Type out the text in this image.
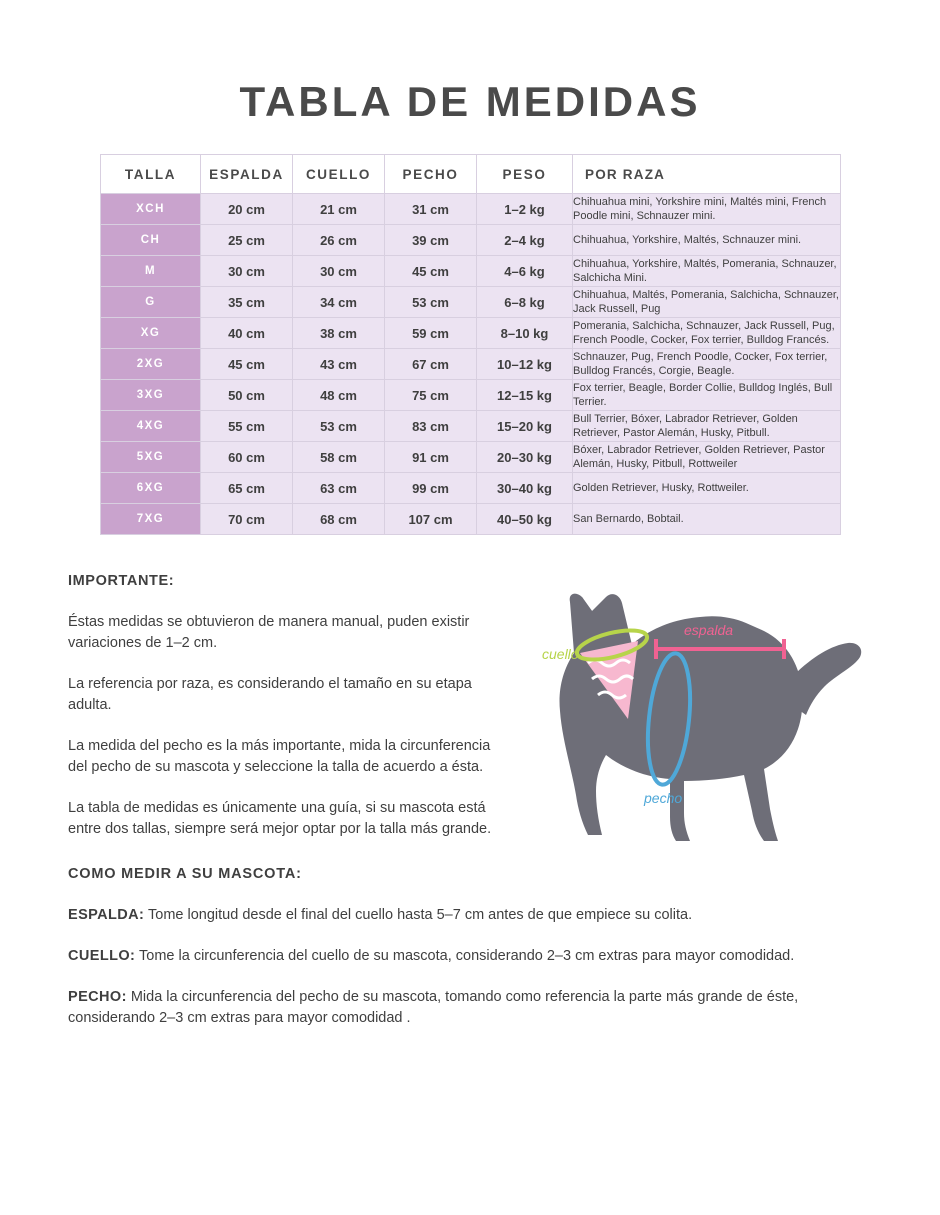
TABLA DE MEDIDAS
TALLA	ESPALDA	CUELLO	PECHO	PESO	POR RAZA
XCH	20 cm	21 cm	31 cm	1–2 kg	Chihuahua mini, Yorkshire mini, Maltés mini, French Poodle mini, Schnauzer mini.
CH	25 cm	26 cm	39 cm	2–4 kg	Chihuahua, Yorkshire, Maltés, Schnauzer mini.
M	30 cm	30 cm	45 cm	4–6 kg	Chihuahua, Yorkshire, Maltés, Pomerania, Schnauzer, Salchicha Mini.
G	35 cm	34 cm	53 cm	6–8 kg	Chihuahua, Maltés, Pomerania, Salchicha, Schnauzer, Jack Russell, Pug
XG	40 cm	38 cm	59 cm	8–10 kg	Pomerania, Salchicha, Schnauzer, Jack Russell, Pug, French Poodle, Cocker, Fox terrier, Bulldog Francés.
2XG	45 cm	43 cm	67 cm	10–12 kg	Schnauzer, Pug, French Poodle, Cocker, Fox terrier, Bulldog Francés, Corgie, Beagle.
3XG	50 cm	48 cm	75 cm	12–15 kg	Fox terrier, Beagle, Border Collie, Bulldog Inglés, Bull Terrier.
4XG	55 cm	53 cm	83 cm	15–20 kg	Bull Terrier, Bóxer, Labrador Retriever, Golden Retriever, Pastor Alemán, Husky, Pitbull.
5XG	60 cm	58 cm	91 cm	20–30 kg	Bóxer, Labrador Retriever, Golden Retriever, Pastor Alemán, Husky, Pitbull, Rottweiler
6XG	65 cm	63 cm	99 cm	30–40 kg	Golden Retriever, Husky, Rottweiler.
7XG	70 cm	68 cm	107 cm	40–50 kg	San Bernardo, Bobtail.

IMPORTANTE:

Éstas medidas se obtuvieron de manera manual, puden existir variaciones de 1–2 cm.

La referencia por raza, es considerando el tamaño en su etapa adulta.

La medida del pecho es la más importante, mida la circunferencia del pecho de su mascota y seleccione la talla de acuerdo a ésta.

La tabla de medidas es únicamente una guía, si su mascota está entre dos tallas, siempre será mejor optar por la talla más grande.

cuello
espalda
pecho

COMO MEDIR A SU MASCOTA:

ESPALDA: Tome longitud desde el final del cuello hasta 5–7 cm antes de que empiece su colita.

CUELLO: Tome la circunferencia del cuello de su mascota, considerando 2–3 cm extras para mayor comodidad.

PECHO: Mida la circunferencia del pecho de su mascota, tomando como referencia la parte más grande de éste, considerando 2–3 cm extras para mayor comodidad .
